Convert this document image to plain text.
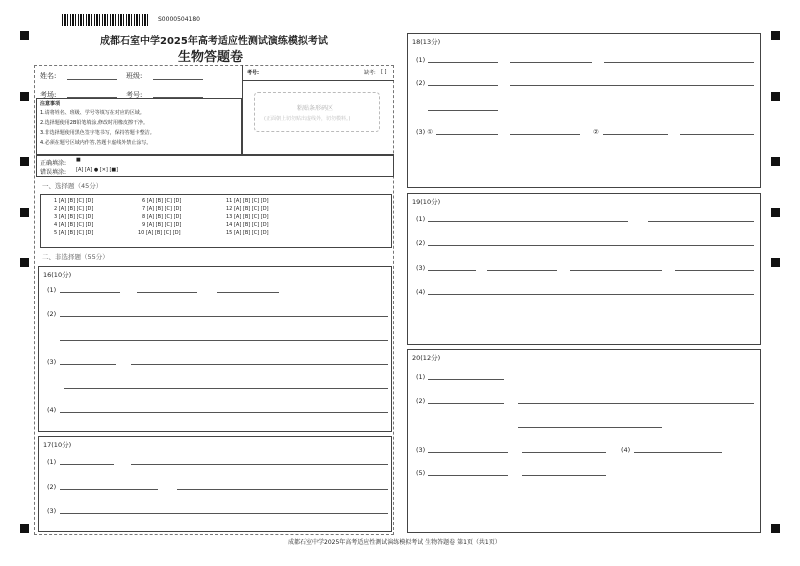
S0000504180
成都石室中学2025年高考适应性测试演练模拟考试
生物答题卷
姓名:	班级:
考场:	考号:
考号:	缺考: [ ]
粘贴条形码区
(正面朝上切勿贴出虚线外，切勿模料。)
注意事项
1.请将姓名、班级、学号等填写在对应的区域。
2.选择题使用2B铅笔填涂,修改时用橡皮擦干净。
3.非选择题使用黑色签字笔书写，保持答题卡整洁。
4.必须在题号区域内作答,答题卡虚线外禁止涂写。
正确填涂: ■
错误填涂: [A] [A] ● [✕] [■]
一、选择题（45分）
1 [A] [B] [C] [D]
2 [A] [B] [C] [D]
3 [A] [B] [C] [D]
4 [A] [B] [C] [D]
5 [A] [B] [C] [D]
6 [A] [B] [C] [D]
7 [A] [B] [C] [D]
8 [A] [B] [C] [D]
9 [A] [B] [C] [D]
10 [A] [B] [C] [D]
11 [A] [B] [C] [D]
12 [A] [B] [C] [D]
13 [A] [B] [C] [D]
14 [A] [B] [C] [D]
15 [A] [B] [C] [D]
二、非选择题（55分）
16(10分)
(1)
(2)
(3)
(4)
17(10分)
(1)
(2)
(3)
18(13分)
(1)
(2)
(3) ①	②
19(10分)
(1)
(2)
(3)
(4)
20(12分)
(1)
(2)
(3)	(4)
(5)
成都石室中学2025年高考适应性测试演练模拟考试 生物答题卷 第1页（共1页）
